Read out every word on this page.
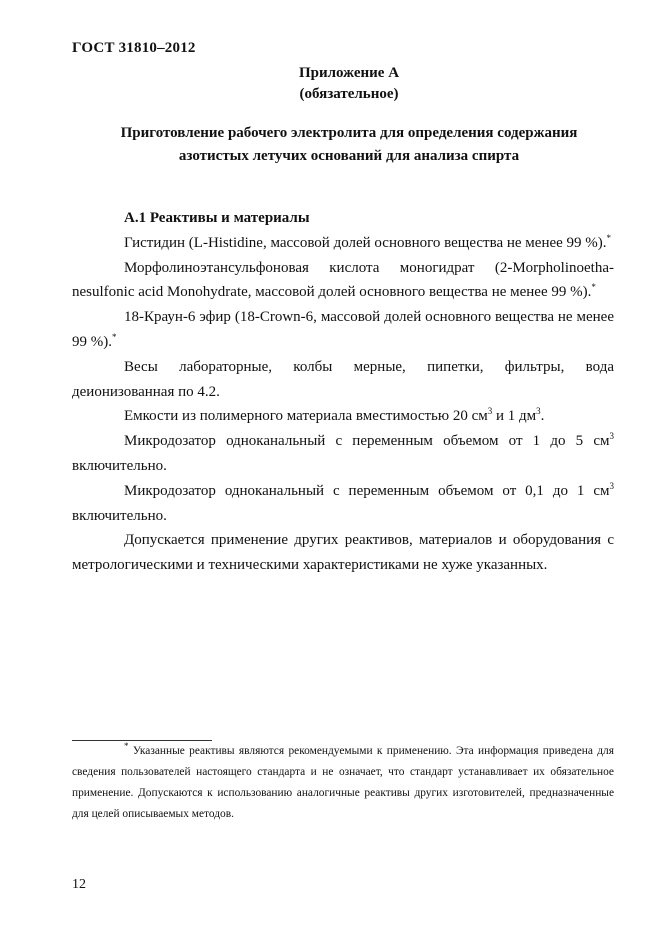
ГОСТ 31810–2012
Приложение А
(обязательное)
Приготовление рабочего электролита для определения содержания
азотистых летучих оснований для анализа спирта

А.1 Реактивы и материалы

Гистидин (L-Histidine, массовой долей основного вещества не менее 99 %).*

Морфолиноэтансульфоновая кислота моногидрат (2-Morpholinoetha-nesulfonic acid Monohydrate, массовой долей основного вещества не менее 99 %).*

18-Краун-6 эфир (18-Crown-6, массовой долей основного вещества не менее 99 %).*

Весы лабораторные, колбы мерные, пипетки, фильтры, вода деионизованная по 4.2.

Емкости из полимерного материала вместимостью 20 $см^3$ и 1 $дм^3$.

Микродозатор одноканальный с переменным объемом от 1 до 5 $см^3$ включительно.

Микродозатор одноканальный с переменным объемом от 0,1 до 1 $см^3$ включительно.

Допускается применение других реактивов, материалов и оборудования с метрологическими и техническими характеристиками не хуже указанных.

* Указанные реактивы являются рекомендуемыми к применению. Эта информация приведена для сведения пользователей настоящего стандарта и не означает, что стандарт устанавливает их обязательное применение. Допускаются к использованию аналогичные реактивы других изготовителей, предназначенные для целей описываемых методов.

12
